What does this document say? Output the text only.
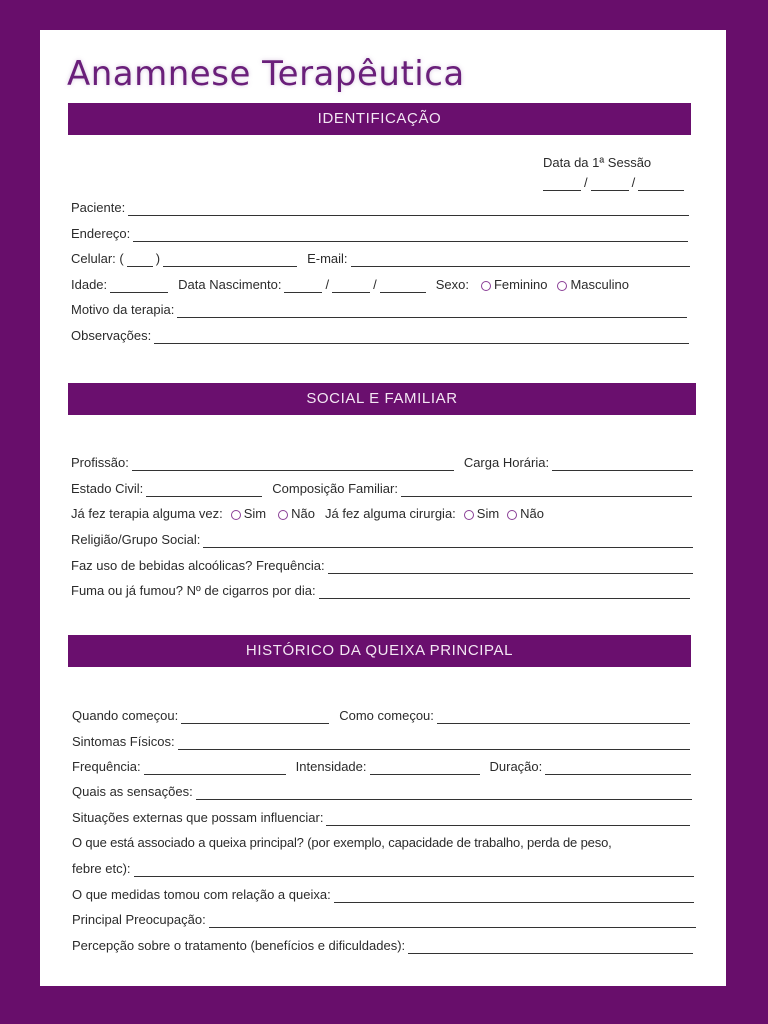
Anamnese Terapêutica
IDENTIFICAÇÃO
Data da 1ª Sessão
/	/
Paciente:
Endereço:
Celular: ( )	E-mail:
Idade:	Data Nascimento:	/	/	Sexo: Feminino Masculino
Motivo da terapia:
Observações:
SOCIAL E FAMILIAR
Profissão:	Carga Horária:
Estado Civil:	Composição Familiar:
Já fez terapia alguma vez: Sim Não Já fez alguma cirurgia: Sim Não
Religião/Grupo Social:
Faz uso de bebidas alcoólicas? Frequência:
Fuma ou já fumou? Nº de cigarros por dia:
HISTÓRICO DA QUEIXA PRINCIPAL
Quando começou:	Como começou:
Sintomas Físicos:
Frequência:	Intensidade:	Duração:
Quais as sensações:
Situações externas que possam influenciar:
O que está associado a queixa principal? (por exemplo, capacidade de trabalho, perda de peso,
febre etc):
O que medidas tomou com relação a queixa:
Principal Preocupação:
Percepção sobre o tratamento (benefícios e dificuldades):
